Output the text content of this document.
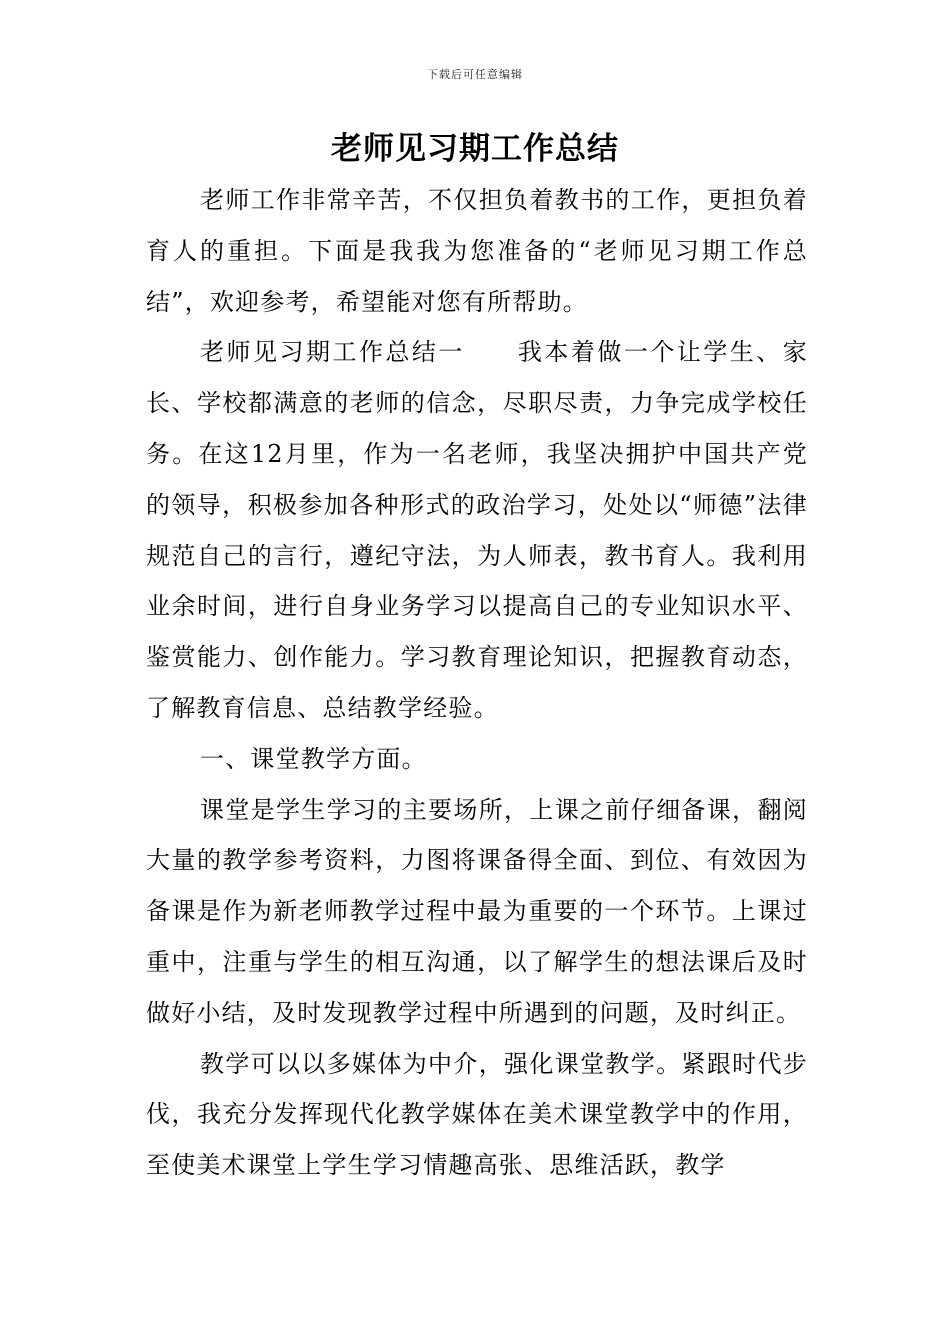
下载后可任意编辑
老师见习期工作总结

老师工作非常辛苦，不仅担负着教书的工作，更担负着育人的重担。下面是我我为您准备的“老师见习期工作总结”，欢迎参考，希望能对您有所帮助。

老师见习期工作总结一　　我本着做一个让学生、家长、学校都满意的老师的信念，尽职尽责，力争完成学校任务。在这12月里，作为一名老师，我坚决拥护中国共产党的领导，积极参加各种形式的政治学习，处处以“师德”法律规范自己的言行，遵纪守法，为人师表，教书育人。我利用业余时间，进行自身业务学习以提高自己的专业知识水平、鉴赏能力、创作能力。学习教育理论知识，把握教育动态，了解教育信息、总结教学经验。

一、课堂教学方面。

课堂是学生学习的主要场所，上课之前仔细备课，翻阅大量的教学参考资料，力图将课备得全面、到位、有效因为备课是作为新老师教学过程中最为重要的一个环节。上课过重中，注重与学生的相互沟通，以了解学生的想法课后及时做好小结，及时发现教学过程中所遇到的问题，及时纠正。

教学可以以多媒体为中介，强化课堂教学。紧跟时代步伐，我充分发挥现代化教学媒体在美术课堂教学中的作用，至使美术课堂上学生学习情趣高张、思维活跃，教学
